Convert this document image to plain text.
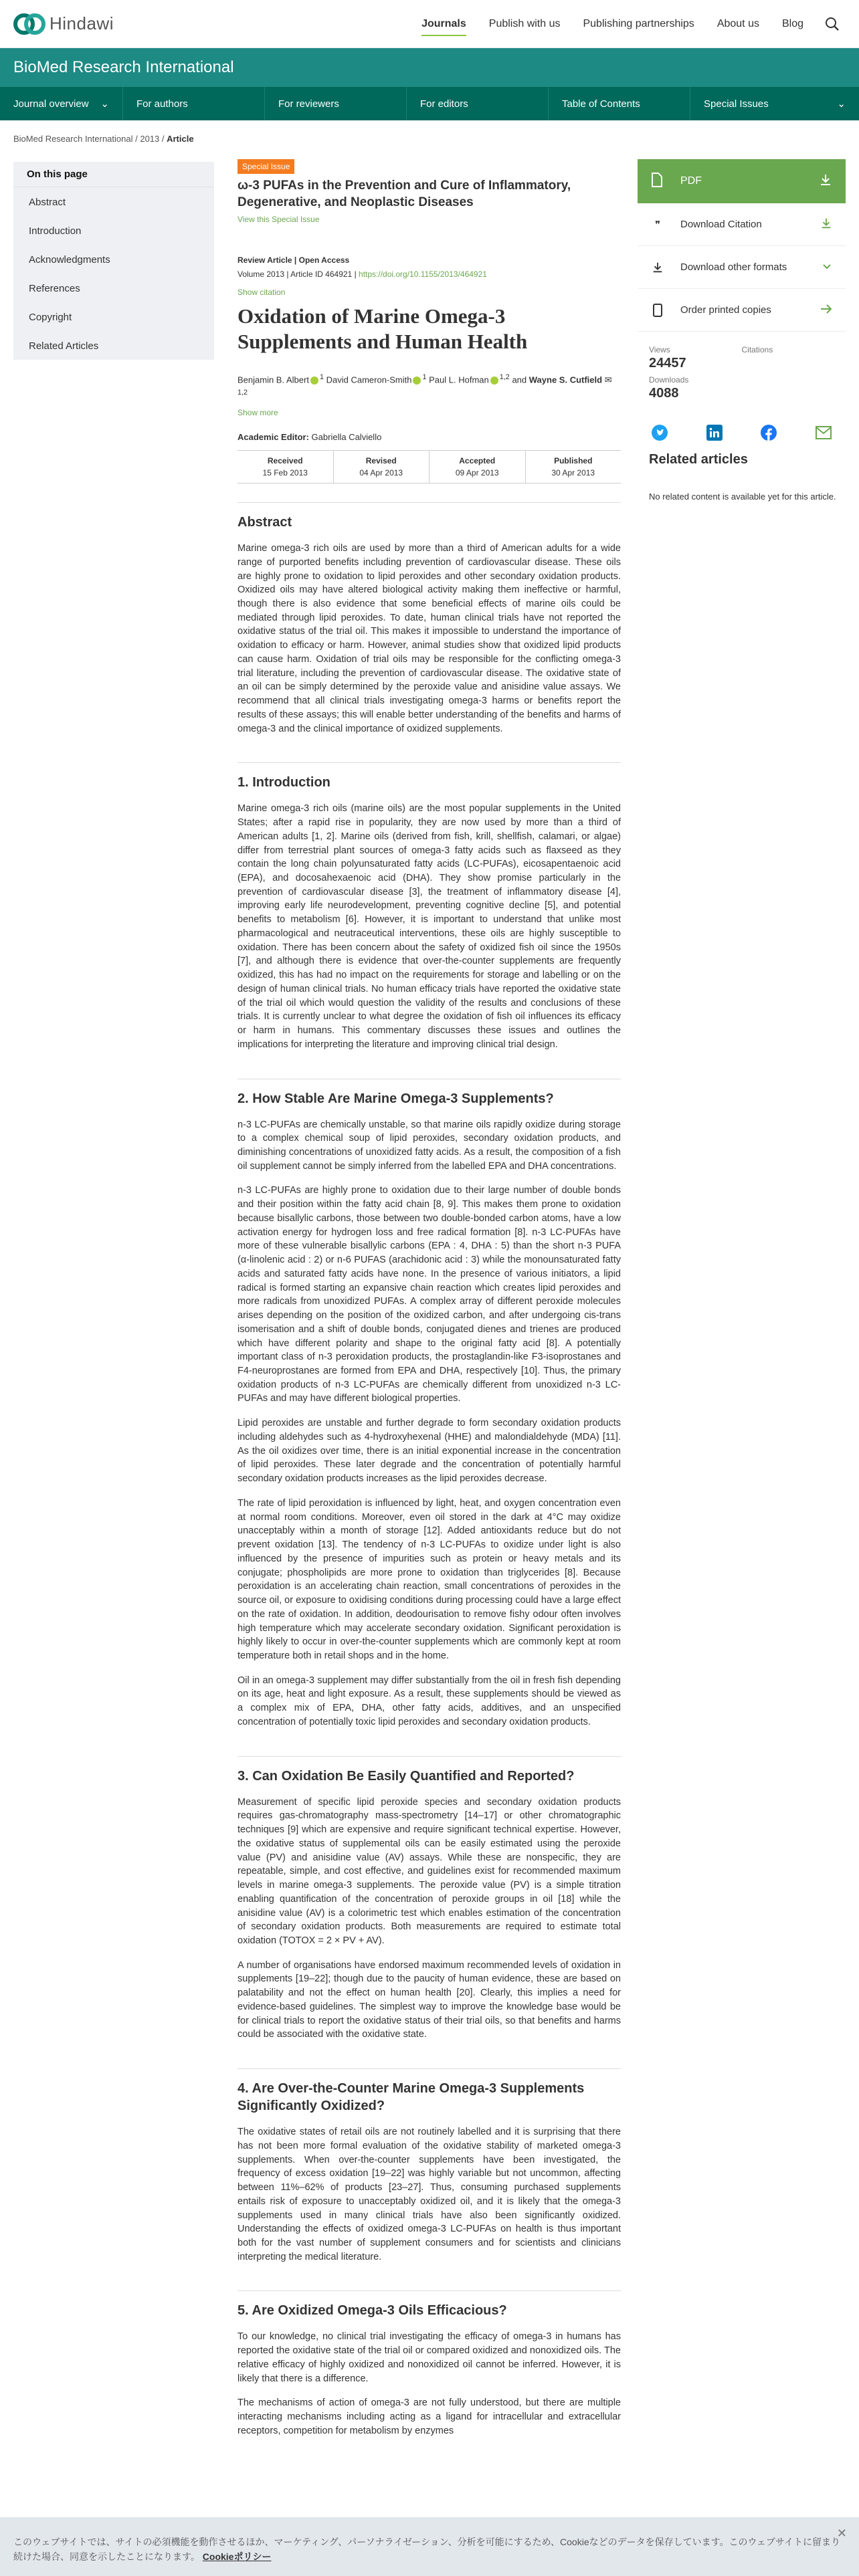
Hindawi	Journals	Publish with us	Publishing partnerships	About us	Blog
BioMed Research International
Journal overview ⌄	For authors	For reviewers	For editors	Table of Contents	Special Issues	⌄
BioMed Research International / 2013 / Article
On this page
Abstract
Introduction
Acknowledgments
References
Copyright
Related Articles
Special Issue
ω-3 PUFAs in the Prevention and Cure of Inflammatory, Degenerative, and Neoplastic Diseases
View this Special Issue
Review Article | Open Access
Volume 2013 | Article ID 464921 | https://doi.org/10.1155/2013/464921
Show citation
Oxidation of Marine Omega-3 Supplements and Human Health
Benjamin B. Albert $^1$ David Cameron-Smith $^1$ Paul L. Hofman $^{1,2}$ and Wayne S. Cutfield ✉$^{1,2}$
Show more
Academic Editor: Gabriella Calviello
Received
15 Feb 2013
Revised
04 Apr 2013
Accepted
09 Apr 2013
Published
30 Apr 2013
Abstract

Marine omega-3 rich oils are used by more than a third of American adults for a wide range of purported benefits including prevention of cardiovascular disease. These oils are highly prone to oxidation to lipid peroxides and other secondary oxidation products. Oxidized oils may have altered biological activity making them ineffective or harmful, though there is also evidence that some beneficial effects of marine oils could be mediated through lipid peroxides. To date, human clinical trials have not reported the oxidative status of the trial oil. This makes it impossible to understand the importance of oxidation to efficacy or harm. However, animal studies show that oxidized lipid products can cause harm. Oxidation of trial oils may be responsible for the conflicting omega-3 trial literature, including the prevention of cardiovascular disease. The oxidative state of an oil can be simply determined by the peroxide value and anisidine value assays. We recommend that all clinical trials investigating omega-3 harms or benefits report the results of these assays; this will enable better understanding of the benefits and harms of omega-3 and the clinical importance of oxidized supplements.

1. Introduction

Marine omega-3 rich oils (marine oils) are the most popular supplements in the United States; after a rapid rise in popularity, they are now used by more than a third of American adults [1, 2]. Marine oils (derived from fish, krill, shellfish, calamari, or algae) differ from terrestrial plant sources of omega-3 fatty acids such as flaxseed as they contain the long chain polyunsaturated fatty acids (LC-PUFAs), eicosapentaenoic acid (EPA), and docosahexaenoic acid (DHA). They show promise particularly in the prevention of cardiovascular disease [3], the treatment of inflammatory disease [4], improving early life neurodevelopment, preventing cognitive decline [5], and potential benefits to metabolism [6]. However, it is important to understand that unlike most pharmacological and neutraceutical interventions, these oils are highly susceptible to oxidation. There has been concern about the safety of oxidized fish oil since the 1950s [7], and although there is evidence that over-the-counter supplements are frequently oxidized, this has had no impact on the requirements for storage and labelling or on the design of human clinical trials. No human efficacy trials have reported the oxidative state of the trial oil which would question the validity of the results and conclusions of these trials. It is currently unclear to what degree the oxidation of fish oil influences its efficacy or harm in humans. This commentary discusses these issues and outlines the implications for interpreting the literature and improving clinical trial design.

2. How Stable Are Marine Omega-3 Supplements?

n-3 LC-PUFAs are chemically unstable, so that marine oils rapidly oxidize during storage to a complex chemical soup of lipid peroxides, secondary oxidation products, and diminishing concentrations of unoxidized fatty acids. As a result, the composition of a fish oil supplement cannot be simply inferred from the labelled EPA and DHA concentrations.

n-3 LC-PUFAs are highly prone to oxidation due to their large number of double bonds and their position within the fatty acid chain [8, 9]. This makes them prone to oxidation because bisallylic carbons, those between two double-bonded carbon atoms, have a low activation energy for hydrogen loss and free radical formation [8]. n-3 LC-PUFAs have more of these vulnerable bisallylic carbons (EPA : 4, DHA : 5) than the short n-3 PUFA (α-linolenic acid : 2) or n-6 PUFAS (arachidonic acid : 3) while the monounsaturated fatty acids and saturated fatty acids have none. In the presence of various initiators, a lipid radical is formed starting an expansive chain reaction which creates lipid peroxides and more radicals from unoxidized PUFAs. A complex array of different peroxide molecules arises depending on the position of the oxidized carbon, and after undergoing cis-trans isomerisation and a shift of double bonds, conjugated dienes and trienes are produced which have different polarity and shape to the original fatty acid [8]. A potentially important class of n-3 peroxidation products, the prostaglandin-like F3-isoprostanes and F4-neuroprostanes are formed from EPA and DHA, respectively [10]. Thus, the primary oxidation products of n-3 LC-PUFAs are chemically different from unoxidized n-3 LC-PUFAs and may have different biological properties.

Lipid peroxides are unstable and further degrade to form secondary oxidation products including aldehydes such as 4-hydroxyhexenal (HHE) and malondialdehyde (MDA) [11]. As the oil oxidizes over time, there is an initial exponential increase in the concentration of lipid peroxides. These later degrade and the concentration of potentially harmful secondary oxidation products increases as the lipid peroxides decrease.

The rate of lipid peroxidation is influenced by light, heat, and oxygen concentration even at normal room conditions. Moreover, even oil stored in the dark at 4°C may oxidize unacceptably within a month of storage [12]. Added antioxidants reduce but do not prevent oxidation [13]. The tendency of n-3 LC-PUFAs to oxidize under light is also influenced by the presence of impurities such as protein or heavy metals and its conjugate; phospholipids are more prone to oxidation than triglycerides [8]. Because peroxidation is an accelerating chain reaction, small concentrations of peroxides in the source oil, or exposure to oxidising conditions during processing could have a large effect on the rate of oxidation. In addition, deodourisation to remove fishy odour often involves high temperature which may accelerate secondary oxidation. Significant peroxidation is highly likely to occur in over-the-counter supplements which are commonly kept at room temperature both in retail shops and in the home.

Oil in an omega-3 supplement may differ substantially from the oil in fresh fish depending on its age, heat and light exposure. As a result, these supplements should be viewed as a complex mix of EPA, DHA, other fatty acids, additives, and an unspecified concentration of potentially toxic lipid peroxides and secondary oxidation products.

3. Can Oxidation Be Easily Quantified and Reported?

Measurement of specific lipid peroxide species and secondary oxidation products requires gas-chromatography mass-spectrometry [14–17] or other chromatographic techniques [9] which are expensive and require significant technical expertise. However, the oxidative status of supplemental oils can be easily estimated using the peroxide value (PV) and anisidine value (AV) assays. While these are nonspecific, they are repeatable, simple, and cost effective, and guidelines exist for recommended maximum levels in marine omega-3 supplements. The peroxide value (PV) is a simple titration enabling quantification of the concentration of peroxide groups in oil [18] while the anisidine value (AV) is a colorimetric test which enables estimation of the concentration of secondary oxidation products. Both measurements are required to estimate total oxidation (TOTOX = 2 × PV + AV).

A number of organisations have endorsed maximum recommended levels of oxidation in supplements [19–22]; though due to the paucity of human evidence, these are based on palatability and not the effect on human health [20]. Clearly, this implies a need for evidence-based guidelines. The simplest way to improve the knowledge base would be for clinical trials to report the oxidative status of their trial oils, so that benefits and harms could be associated with the oxidative state.

4. Are Over-the-Counter Marine Omega-3 Supplements Significantly Oxidized?

The oxidative states of retail oils are not routinely labelled and it is surprising that there has not been more formal evaluation of the oxidative stability of marketed omega-3 supplements. When over-the-counter supplements have been investigated, the frequency of excess oxidation [19–22] was highly variable but not uncommon, affecting between 11%–62% of products [23–27]. Thus, consuming purchased supplements entails risk of exposure to unacceptably oxidized oil, and it is likely that the omega-3 supplements used in many clinical trials have also been significantly oxidized. Understanding the effects of oxidized omega-3 LC-PUFAs on health is thus important both for the vast number of supplement consumers and for scientists and clinicians interpreting the medical literature.

5. Are Oxidized Omega-3 Oils Efficacious?

To our knowledge, no clinical trial investigating the efficacy of omega-3 in humans has reported the oxidative state of the trial oil or compared oxidized and nonoxidized oils. The relative efficacy of highly oxidized and nonoxidized oil cannot be inferred. However, it is likely that there is a difference.

The mechanisms of action of omega-3 are not fully understood, but there are multiple interacting mechanisms including acting as a ligand for intracellular and extracellular receptors, competition for metabolism by enzymes

PDF
❞	Download Citation
Download other formats
Order printed copies
Views
24457
Downloads
4088
Citations
Related articles
No related content is available yet for this article.
このウェブサイトでは、サイトの必須機能を動作させるほか、マーケティング、パーソナライゼーション、分析を可能にするため、Cookieなどのデータを保存しています。このウェブサイトに留まり続けた場合、同意を示したことになります。 Cookieポリシー
✕
